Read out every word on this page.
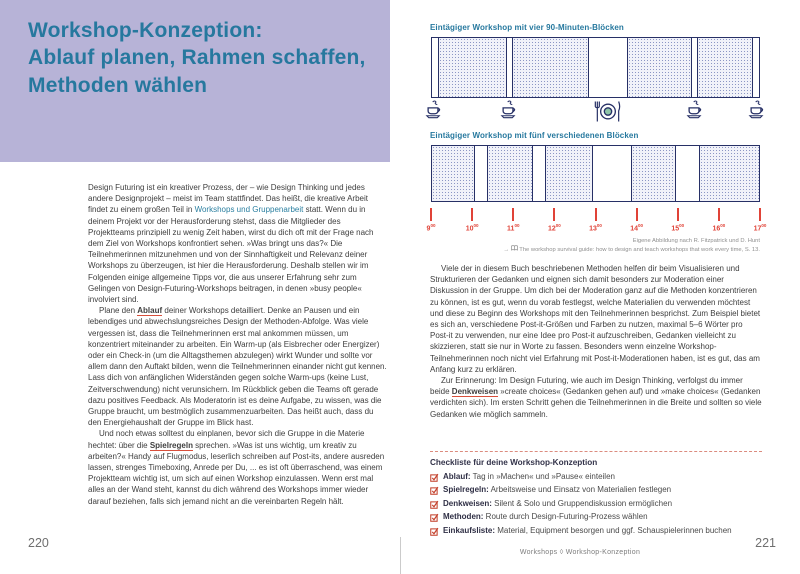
Workshop-Konzeption:
Ablauf planen, Rahmen schaffen,
Methoden wählen

Design Futuring ist ein kreativer Prozess, der – wie Design Thinking und jedes andere Designprojekt – meist im Team stattfindet. Das heißt, die kreative Arbeit findet zu einem großen Teil in Workshops und Gruppenarbeit statt. Wenn du in deinem Projekt vor der Herausforderung stehst, dass die Mitglieder des Projektteams prinzipiell zu wenig Zeit haben, wirst du dich oft mit der Frage nach dem Ziel von Workshops konfrontiert sehen. »Was bringt uns das?« Die Teilnehmerinnen mitzunehmen und von der Sinnhaftigkeit und Relevanz deiner Workshops zu überzeugen, ist hier die Herausforderung. Deshalb stellen wir im Folgenden einige allgemeine Tipps vor, die aus unserer Erfahrung sehr zum Gelingen von Design-Futuring-Workshops beitragen, in denen »busy people« involviert sind.

Plane den Ablauf deiner Workshops detailliert. Denke an Pausen und ein lebendiges und abwechslungsreiches Design der Methoden-Abfolge. Was viele vergessen ist, dass die Teilnehmerinnen erst mal ankommen müssen, um konzentriert miteinander zu arbeiten. Ein Warm-up (als Eisbrecher oder Energizer) oder ein Check-in (um die Alltagsthemen abzulegen) wirkt Wunder und sollte vor allem dann den Auftakt bilden, wenn die Teilnehmerinnen einander nicht gut kennen. Lass dich von anfänglichen Widerständen gegen solche Warm-ups (keine Lust, Zeitverschwendung) nicht verunsichern. Im Rückblick geben die Teams oft gerade dazu positives Feedback. Als Moderatorin ist es deine Aufgabe, zu wissen, was die Gruppe braucht, um bestmöglich zusammenzuarbeiten. Das heißt auch, dass du den Energiehaushalt der Gruppe im Blick hast.

Und noch etwas solltest du einplanen, bevor sich die Gruppe in die Materie hechtet: über die Spielregeln sprechen. »Was ist uns wichtig, um kreativ zu arbeiten?« Handy auf Flugmodus, leserlich schreiben auf Post-its, andere ausreden lassen, strenges Timeboxing, Anrede per Du, ... es ist oft überraschend, was einem Projektteam wichtig ist, um sich auf einen Workshop einzulassen. Wenn erst mal alles an der Wand steht, kannst du dich während des Workshops immer wieder darauf beziehen, falls sich jemand nicht an die vereinbarten Regeln hält.

220
Eintägiger Workshop mit vier 90-Minuten-Blöcken
Eintägiger Workshop mit fünf verschiedenen Blöcken
$9^{00}$	$10^{00}$	$11^{00}$	$12^{00}$	$13^{00}$	$14^{00}$	$15^{00}$	$16^{00}$	$17^{00}$
Eigene Abbildung nach R. Fitzpatrick und D. Hunt
→ The workshop survival guide: how to design and teach workshops that work every time, S. 13.

Viele der in diesem Buch beschriebenen Methoden helfen dir beim Visualisieren und Strukturieren der Gedanken und eignen sich damit besonders zur Moderation einer Diskussion in der Gruppe. Um dich bei der Moderation ganz auf die Methoden konzentrieren zu können, ist es gut, wenn du vorab festlegst, welche Materialien du verwenden möchtest und diese zu Beginn des Workshops mit den Teilnehmerinnen besprichst. Zum Beispiel bietet es sich an, verschiedene Post-it-Größen und Farben zu nutzen, maximal 5–6 Wörter pro Post-it zu verwenden, nur eine Idee pro Post-it aufzuschreiben, Gedanken vielleicht zu skizzieren, statt sie nur in Worte zu fassen. Besonders wenn einzelne Workshop-Teilnehmerinnen noch nicht viel Erfahrung mit Post-it-Moderationen haben, ist es gut, das am Anfang kurz zu erklären.

Zur Erinnerung: Im Design Futuring, wie auch im Design Thinking, verfolgst du immer beide Denkweisen »create choices« (Gedanken gehen auf) und »make choices« (Gedanken verdichten sich). Im ersten Schritt gehen die Teilnehmerinnen in die Breite und sollten so viele Gedanken wie möglich sammeln.

Checkliste für deine Workshop-Konzeption
Ablauf: Tag in »Machen« und »Pause« einteilen
Spielregeln: Arbeitsweise und Einsatz von Materialien festlegen
Denkweisen: Silent & Solo und Gruppendiskussion ermöglichen
Methoden: Route durch Design-Futuring-Prozess wählen
Einkaufsliste: Material, Equipment besorgen und ggf. Schauspielerinnen buchen
Workshops ◊ Workshop-Konzeption
221
